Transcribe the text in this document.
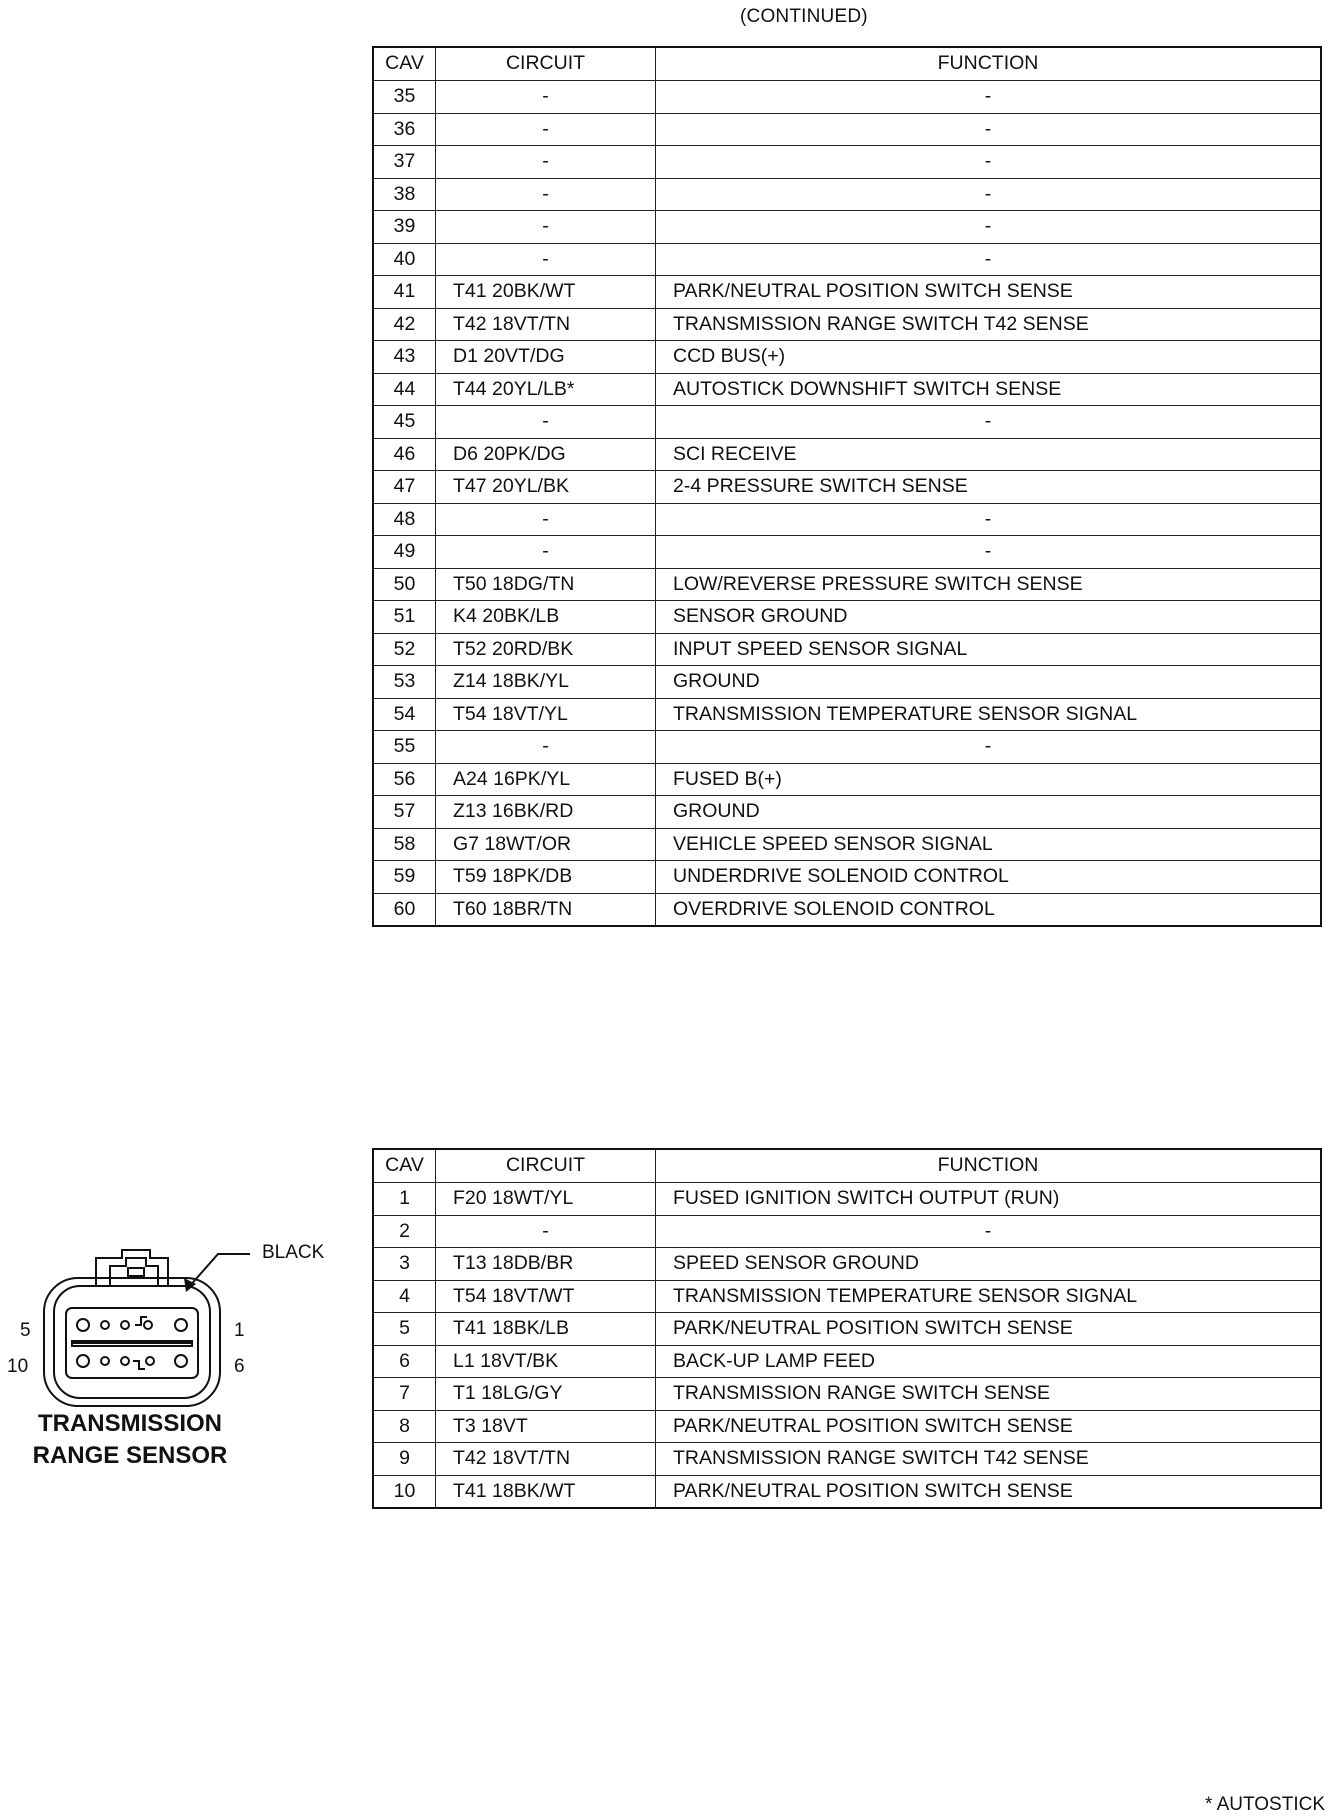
(CONTINUED)
CAV	CIRCUIT	FUNCTION
35	-	-
36	-	-
37	-	-
38	-	-
39	-	-
40	-	-
41	T41 20BK/WT	PARK/NEUTRAL POSITION SWITCH SENSE
42	T42 18VT/TN	TRANSMISSION RANGE SWITCH T42 SENSE
43	D1 20VT/DG	CCD BUS(+)
44	T44 20YL/LB*	AUTOSTICK DOWNSHIFT SWITCH SENSE
45	-	-
46	D6 20PK/DG	SCI RECEIVE
47	T47 20YL/BK	2-4 PRESSURE SWITCH SENSE
48	-	-
49	-	-
50	T50 18DG/TN	LOW/REVERSE PRESSURE SWITCH SENSE
51	K4 20BK/LB	SENSOR GROUND
52	T52 20RD/BK	INPUT SPEED SENSOR SIGNAL
53	Z14 18BK/YL	GROUND
54	T54 18VT/YL	TRANSMISSION TEMPERATURE SENSOR SIGNAL
55	-	-
56	A24 16PK/YL	FUSED B(+)
57	Z13 16BK/RD	GROUND
58	G7 18WT/OR	VEHICLE SPEED SENSOR SIGNAL
59	T59 18PK/DB	UNDERDRIVE SOLENOID CONTROL
60	T60 18BR/TN	OVERDRIVE SOLENOID CONTROL
BLACK
5	1
10	6
TRANSMISSION
RANGE SENSOR
CAV	CIRCUIT	FUNCTION
1	F20 18WT/YL	FUSED IGNITION SWITCH OUTPUT (RUN)
2	-	-
3	T13 18DB/BR	SPEED SENSOR GROUND
4	T54 18VT/WT	TRANSMISSION TEMPERATURE SENSOR SIGNAL
5	T41 18BK/LB	PARK/NEUTRAL POSITION SWITCH SENSE
6	L1 18VT/BK	BACK-UP LAMP FEED
7	T1 18LG/GY	TRANSMISSION RANGE SWITCH SENSE
8	T3 18VT	PARK/NEUTRAL POSITION SWITCH SENSE
9	T42 18VT/TN	TRANSMISSION RANGE SWITCH T42 SENSE
10	T41 18BK/WT	PARK/NEUTRAL POSITION SWITCH SENSE
* AUTOSTICK
